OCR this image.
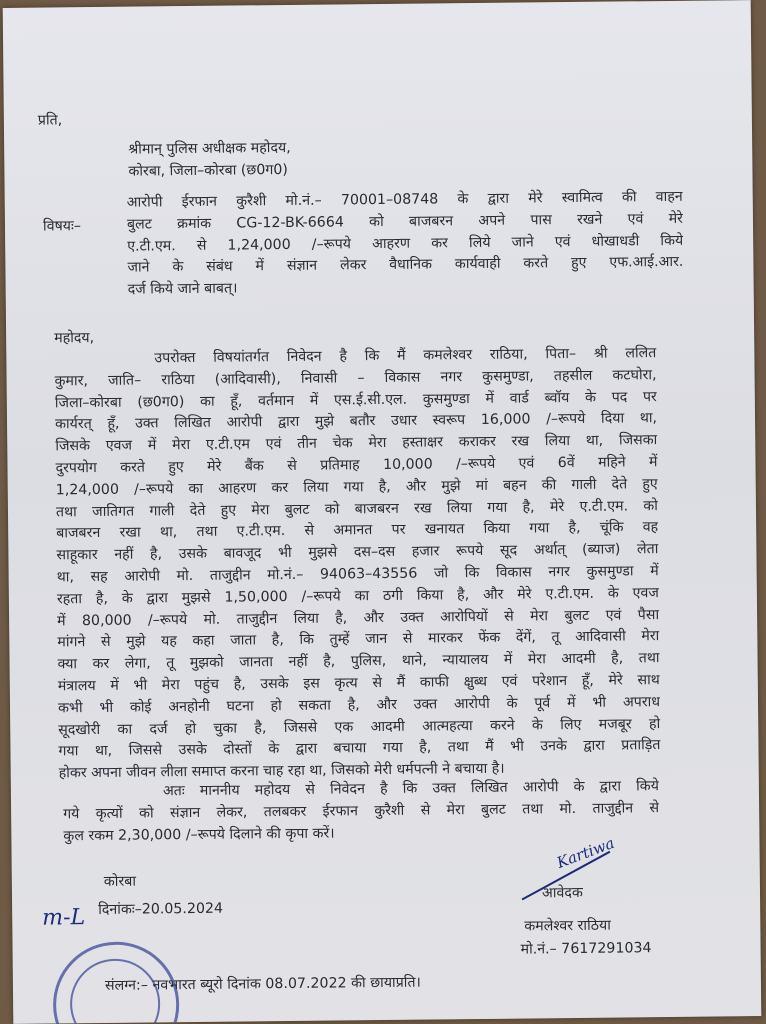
प्रति,
श्रीमान् पुलिस अधीक्षक महोदय,
कोरबा, जिला–कोरबा (छ0ग0)
विषयः–

आरोपी ईरफान कुरैशी मो.नं.– 70001–08748 के द्वारा मेरे स्वामित्व की वाहन

बुलट क्रमांक CG-12-BK-6664 को बाजबरन अपने पास रखने एवं मेरे

ए.टी.एम. से 1,24,000 /–रूपये आहरण कर लिये जाने एवं धोखाधडी किये

जाने के संबंध में संज्ञान लेकर वैधानिक कार्यवाही करते हुए एफ.आई.आर.

दर्ज किये जाने बाबत्।

महोदय,

उपरोक्त विषयांतर्गत निवेदन है कि मैं कमलेश्वर राठिया, पिता– श्री ललित

कुमार, जाति– राठिया (आदिवासी), निवासी – विकास नगर कुसमुण्डा, तहसील कटघोरा,

जिला–कोरबा (छ0ग0) का हूँ, वर्तमान में एस.ई.सी.एल. कुसमुण्डा में वार्ड ब्वॉय के पद पर

कार्यरत् हूँ, उक्त लिखित आरोपी द्वारा मुझे बतौर उधार स्वरूप 16,000 /–रूपये दिया था,

जिसके एवज में मेरा ए.टी.एम एवं तीन चेक मेरा हस्ताक्षर कराकर रख लिया था, जिसका

दुरपयोग करते हुए मेरे बैंक से प्रतिमाह 10,000 /–रूपये एवं 6वें महिने में

1,24,000 /–रूपये का आहरण कर लिया गया है, और मुझे मां बहन की गाली देते हुए

तथा जातिगत गाली देते हुए मेरा बुलट को बाजबरन रख लिया गया है, मेरे ए.टी.एम. को

बाजबरन रखा था, तथा ए.टी.एम. से अमानत पर खनायत किया गया है, चूंकि वह

साहूकार नहीं है, उसके बावजूद भी मुझसे दस–दस हजार रूपये सूद अर्थात् (ब्याज) लेता

था, सह आरोपी मो. ताजुद्दीन मो.नं.– 94063–43556 जो कि विकास नगर कुसमुण्डा में

रहता है, के द्वारा मुझसे 1,50,000 /–रूपये का ठगी किया है, और मेरे ए.टी.एम. के एवज

में 80,000 /–रूपये मो. ताजुद्दीन लिया है, और उक्त आरोपियों से मेरा बुलट एवं पैसा

मांगने से मुझे यह कहा जाता है, कि तुम्हें जान से मारकर फेंक देंगें, तू आदिवासी मेरा

क्या कर लेगा, तू मुझको जानता नहीं है, पुलिस, थाने, न्यायालय में मेरा आदमी है, तथा

मंत्रालय में भी मेरा पहुंच है, उसके इस कृत्य से मैं काफी क्षुब्ध एवं परेशान हूँ, मेरे साथ

कभी भी कोई अनहोनी घटना हो सकता है, और उक्त आरोपी के पूर्व में भी अपराध

सूदखोरी का दर्ज हो चुका है, जिससे एक आदमी आत्महत्या करने के लिए मजबूर हो

गया था, जिससे उसके दोस्तों के द्वारा बचाया गया है, तथा मैं भी उनके द्वारा प्रताड़ित

होकर अपना जीवन लीला समाप्त करना चाह रहा था, जिसको मेरी धर्मपत्नी ने बचाया है।

अतः माननीय महोदय से निवेदन है कि उक्त लिखित आरोपी के द्वारा किये

गये कृत्यों को संज्ञान लेकर, तलबकर ईरफान कुरैशी से मेरा बुलट तथा मो. ताजुद्दीन से

कुल रकम 2,30,000 /–रूपये दिलाने की कृपा करें।

कोरबा
दिनांकः–20.05.2024
m-L
Kartiwa
आवेदक
कमलेश्वर राठिया
मो.नं.– 7617291034
संलग्न:– नवभारत ब्यूरो दिनांक 08.07.2022 की छायाप्रति।
